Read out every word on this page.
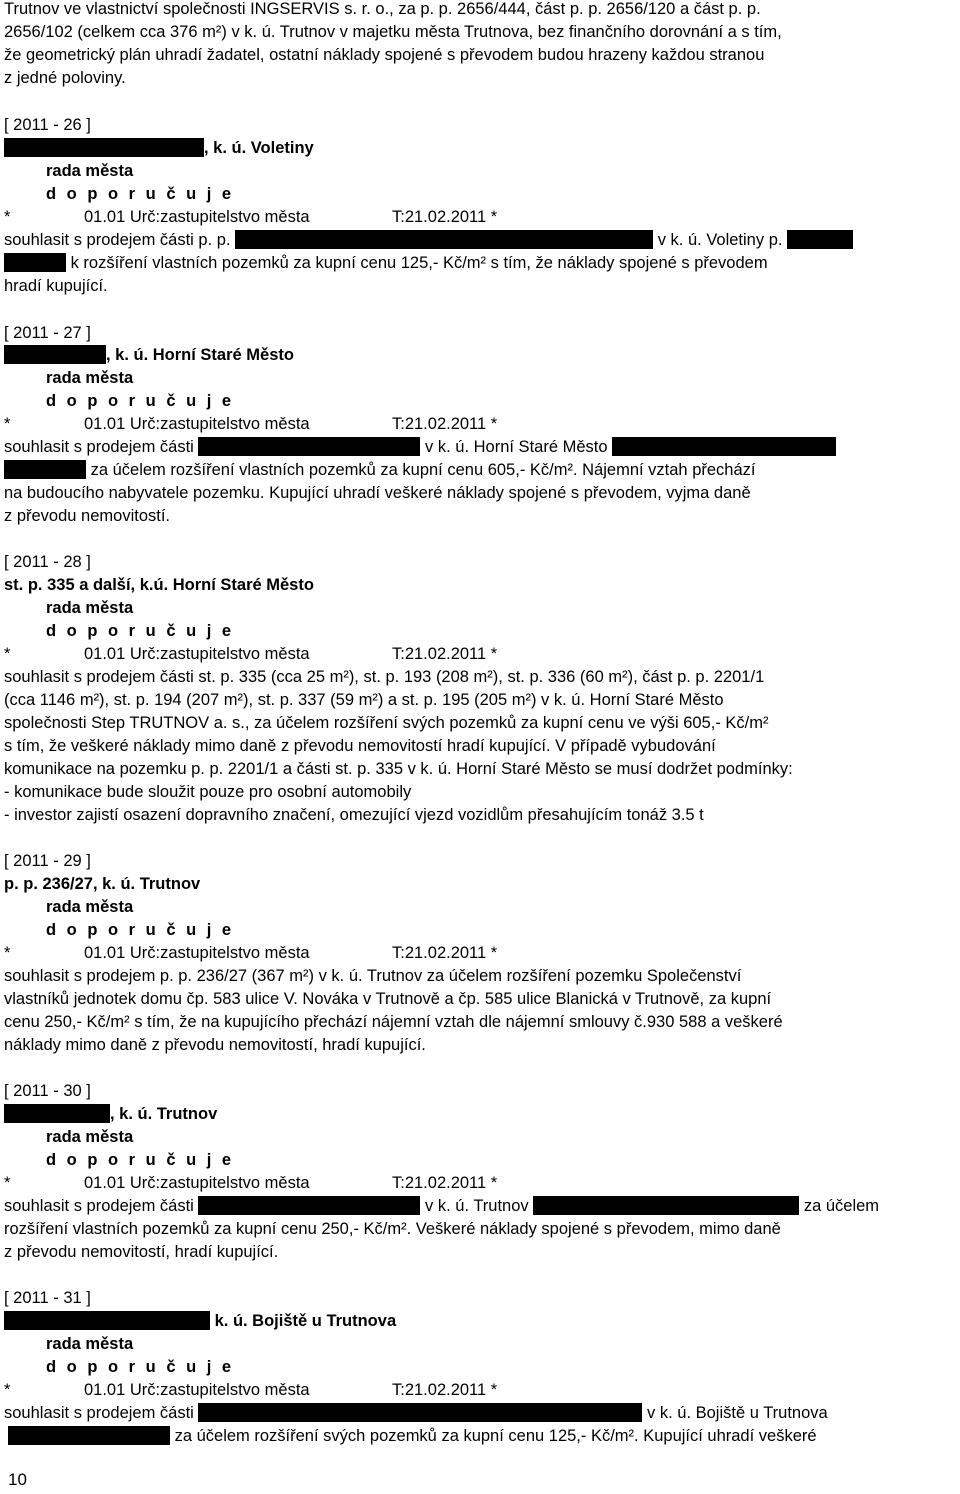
Trutnov ve vlastnictví společnosti INGSERVIS s. r. o., za p. p. 2656/444, část p. p. 2656/120 a část p. p.
2656/102 (celkem cca 376 m²) v k. ú. Trutnov v majetku města Trutnova, bez finančního dorovnání a s tím,
že geometrický plán uhradí žadatel, ostatní náklady spojené s převodem budou hrazeny každou stranou
z jedné poloviny.
[ 2011 - 26 ]
, k. ú. Voletiny
rada města
d o p o r u č u j e
*	01.01 Urč:zastupitelstvo města	T:21.02.2011 *
souhlasit s prodejem části p. p.	v k. ú. Voletiny p.
k rozšíření vlastních pozemků za kupní cenu 125,- Kč/m² s tím, že náklady spojené s převodem
hradí kupující.
[ 2011 - 27 ]
, k. ú. Horní Staré Město
rada města
d o p o r u č u j e
*	01.01 Urč:zastupitelstvo města	T:21.02.2011 *
souhlasit s prodejem části	v k. ú. Horní Staré Město
za účelem rozšíření vlastních pozemků za kupní cenu 605,- Kč/m². Nájemní vztah přechází
na budoucího nabyvatele pozemku. Kupující uhradí veškeré náklady spojené s převodem, vyjma daně
z převodu nemovitostí.
[ 2011 - 28 ]
st. p. 335 a další, k.ú. Horní Staré Město
rada města
d o p o r u č u j e
*	01.01 Urč:zastupitelstvo města	T:21.02.2011 *
souhlasit s prodejem části st. p. 335 (cca 25 m²), st. p. 193 (208 m²), st. p. 336 (60 m²), část p. p. 2201/1
(cca 1146 m²), st. p. 194 (207 m²), st. p. 337 (59 m²) a st. p. 195 (205 m²) v k. ú. Horní Staré Město
společnosti Step TRUTNOV a. s., za účelem rozšíření svých pozemků za kupní cenu ve výši 605,- Kč/m²
s tím, že veškeré náklady mimo daně z převodu nemovitostí hradí kupující. V případě vybudování
komunikace na pozemku p. p. 2201/1 a části st. p. 335 v k. ú. Horní Staré Město se musí dodržet podmínky:
- komunikace bude sloužit pouze pro osobní automobily
- investor zajistí osazení dopravního značení, omezující vjezd vozidlům přesahujícím tonáž 3.5 t
[ 2011 - 29 ]
p. p. 236/27, k. ú. Trutnov
rada města
d o p o r u č u j e
*	01.01 Urč:zastupitelstvo města	T:21.02.2011 *
souhlasit s prodejem p. p. 236/27 (367 m²) v k. ú. Trutnov za účelem rozšíření pozemku Společenství
vlastníků jednotek domu čp. 583 ulice V. Nováka v Trutnově a čp. 585 ulice Blanická v Trutnově, za kupní
cenu 250,- Kč/m² s tím, že na kupujícího přechází nájemní vztah dle nájemní smlouvy č.930 588 a veškeré
náklady mimo daně z převodu nemovitostí, hradí kupující.
[ 2011 - 30 ]
, k. ú. Trutnov
rada města
d o p o r u č u j e
*	01.01 Urč:zastupitelstvo města	T:21.02.2011 *
souhlasit s prodejem části	v k. ú. Trutnov	za účelem
rozšíření vlastních pozemků za kupní cenu 250,- Kč/m². Veškeré náklady spojené s převodem, mimo daně
z převodu nemovitostí, hradí kupující.
[ 2011 - 31 ]
k. ú. Bojiště u Trutnova
rada města
d o p o r u č u j e
*	01.01 Urč:zastupitelstvo města	T:21.02.2011 *
souhlasit s prodejem části	v k. ú. Bojiště u Trutnova
za účelem rozšíření svých pozemků za kupní cenu 125,- Kč/m². Kupující uhradí veškeré
10
